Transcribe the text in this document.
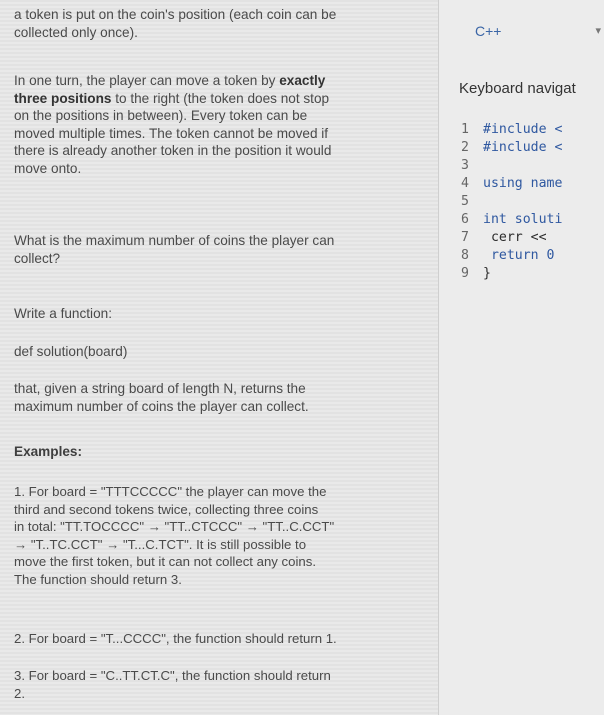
a token is put on the coin's position (each coin can be
collected only once).

In one turn, the player can move a token by exactly
three positions to the right (the token does not stop
on the positions in between). Every token can be
moved multiple times. The token cannot be moved if
there is already another token in the position it would
move onto.

What is the maximum number of coins the player can
collect?

Write a function:

def solution(board)

that, given a string board of length N, returns the
maximum number of coins the player can collect.

Examples:

1. For board = "TTTCCCCC" the player can move the
third and second tokens twice, collecting three coins
in total: "TT.TOCCCC" → "TT..CTCCC" → "TT..C.CCT"
→ "T..TC.CCT" → "T...C.TCT". It is still possible to
move the first token, but it can not collect any coins.
The function should return 3.

2. For board = "T...CCCC", the function should return 1.

3. For board = "C..TT.CT.C", the function should return
2.

C++	▾
Keyboard navigat
1 #include <
2 #include <
3
4 using name
5
6 int soluti
7 cerr <<
8 return 0
9 }
